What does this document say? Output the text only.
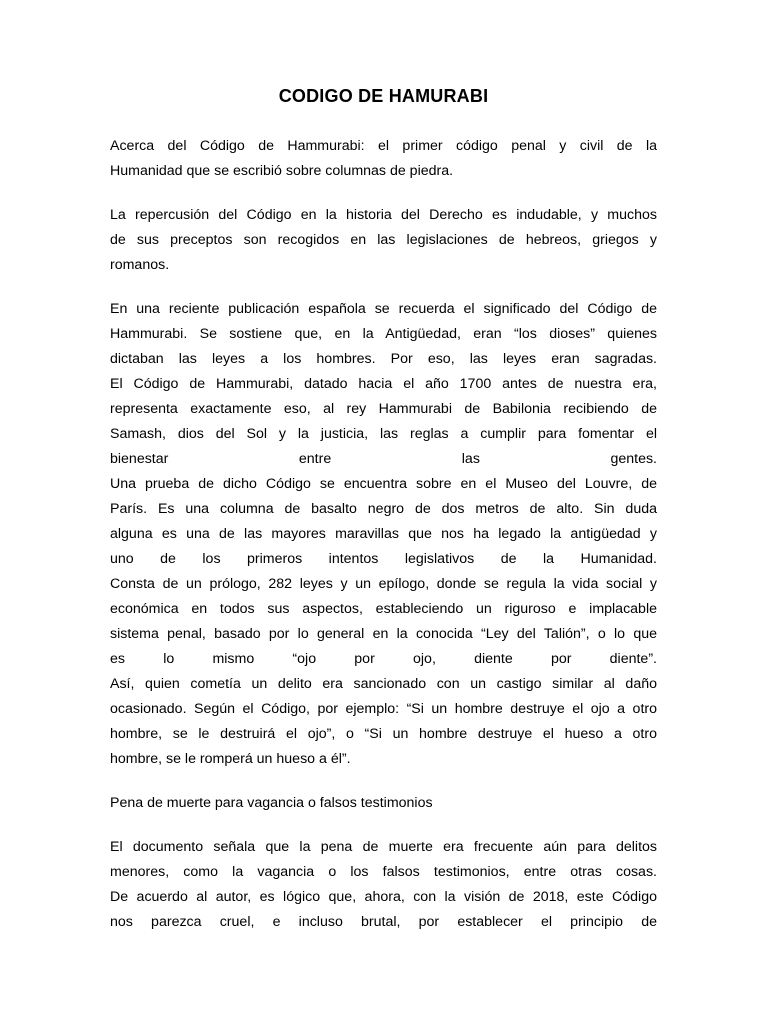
CODIGO DE HAMURABI

Acerca del Código de Hammurabi: el primer código penal y civil de la
Humanidad que se escribió sobre columnas de piedra.

La repercusión del Código en la historia del Derecho es indudable, y muchos
de sus preceptos son recogidos en las legislaciones de hebreos, griegos y
romanos.

En una reciente publicación española se recuerda el significado del Código de
Hammurabi. Se sostiene que, en la Antigüedad, eran “los dioses” quienes
dictaban las leyes a los hombres. Por eso, las leyes eran sagradas.
El Código de Hammurabi, datado hacia el año 1700 antes de nuestra era,
representa exactamente eso, al rey Hammurabi de Babilonia recibiendo de
Samash, dios del Sol y la justicia, las reglas a cumplir para fomentar el
bienestar entre las gentes.
Una prueba de dicho Código se encuentra sobre en el Museo del Louvre, de
París. Es una columna de basalto negro de dos metros de alto. Sin duda
alguna es una de las mayores maravillas que nos ha legado la antigüedad y
uno de los primeros intentos legislativos de la Humanidad.
Consta de un prólogo, 282 leyes y un epílogo, donde se regula la vida social y
económica en todos sus aspectos, estableciendo un riguroso e implacable
sistema penal, basado por lo general en la conocida “Ley del Talión”, o lo que
es lo mismo “ojo por ojo, diente por diente”.
Así, quien cometía un delito era sancionado con un castigo similar al daño
ocasionado. Según el Código, por ejemplo: “Si un hombre destruye el ojo a otro
hombre, se le destruirá el ojo”, o “Si un hombre destruye el hueso a otro
hombre, se le romperá un hueso a él”.

Pena de muerte para vagancia o falsos testimonios

El documento señala que la pena de muerte era frecuente aún para delitos
menores, como la vagancia o los falsos testimonios, entre otras cosas.
De acuerdo al autor, es lógico que, ahora, con la visión de 2018, este Código
nos parezca cruel, e incluso brutal, por establecer el principio de
